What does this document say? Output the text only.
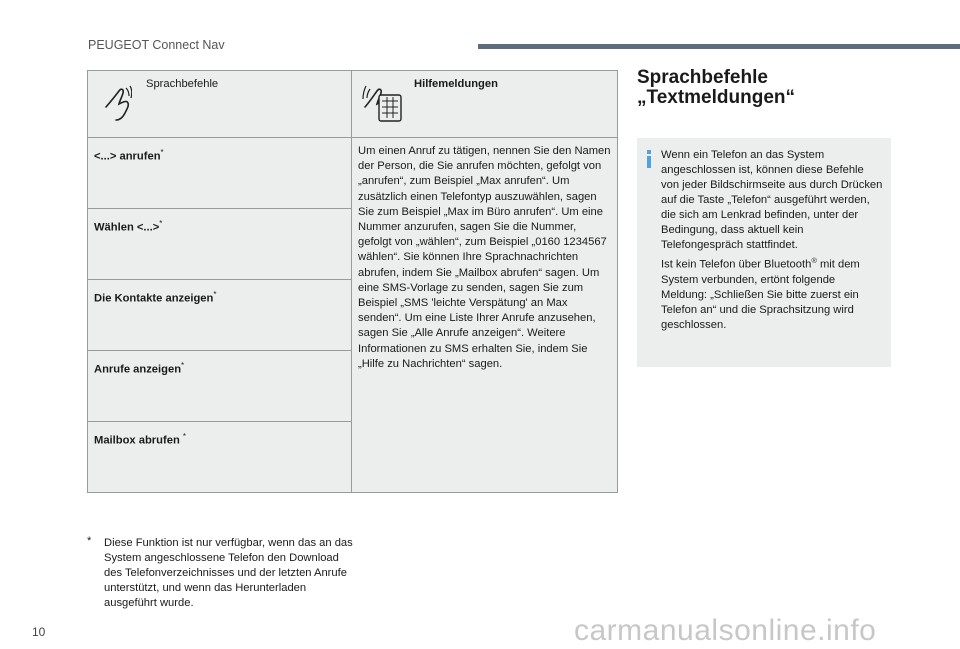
PEUGEOT Connect Nav
Sprachbefehle	Hilfemeldungen

<...> anrufen*	Um einen Anruf zu tätigen, nennen Sie den Namen der Person, die Sie anrufen möchten, gefolgt von „anrufen“, zum Beispiel „Max anrufen“. Um zusätzlich einen Telefontyp auszuwählen, sagen Sie zum Beispiel „Max im Büro anrufen“. Um eine Nummer anzurufen, sagen Sie die Nummer, gefolgt von „wählen“, zum Beispiel „0160 1234567 wählen“. Sie können Ihre Sprachnachrichten abrufen, indem Sie „Mailbox abrufen“ sagen. Um eine SMS-Vorlage zu senden, sagen Sie zum Beispiel „SMS 'leichte Verspätung' an Max senden“. Um eine Liste Ihrer Anrufe anzusehen, sagen Sie „Alle Anrufe anzeigen“. Weitere Informationen zu SMS erhalten Sie, indem Sie „Hilfe zu Nachrichten“ sagen.
Wählen <...>*
Die Kontakte anzeigen*
Anrufe anzeigen*
Mailbox abrufen *
*	Diese Funktion ist nur verfügbar, wenn das an das System angeschlossene Telefon den Download des Telefonverzeichnisses und der letzten Anrufe unterstützt, und wenn das Herunterladen ausgeführt wurde.
Sprachbefehle
„Textmeldungen“
Wenn ein Telefon an das System angeschlossen ist, können diese Befehle von jeder Bildschirmseite aus durch Drücken auf die Taste „Telefon“ ausgeführt werden, die sich am Lenkrad befinden, unter der Bedingung, dass aktuell kein Telefongespräch stattfindet.
Ist kein Telefon über Bluetooth® mit dem System verbunden, ertönt folgende Meldung: „Schließen Sie bitte zuerst ein Telefon an“ und die Sprachsitzung wird geschlossen.
10	carmanualsonline.info
